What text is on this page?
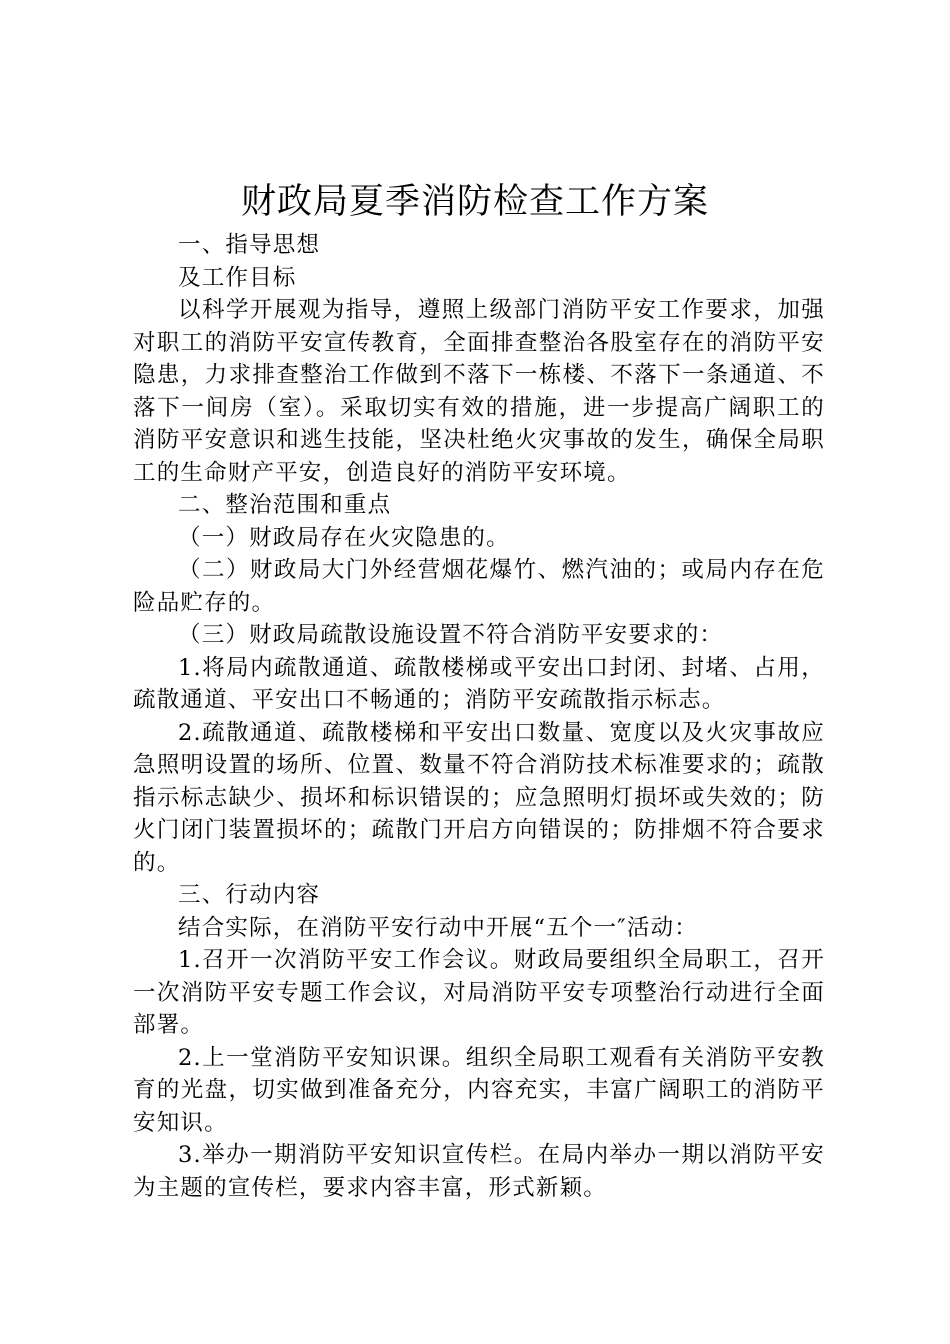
财政局夏季消防检查工作方案

一、指导思想

及工作目标

以科学开展观为指导，遵照上级部门消防平安工作要求，加强对职工的消防平安宣传教育，全面排查整治各股室存在的消防平安隐患，力求排查整治工作做到不落下一栋楼、不落下一条通道、不落下一间房（室）。采取切实有效的措施，进一步提高广阔职工的消防平安意识和逃生技能，坚决杜绝火灾事故的发生，确保全局职工的生命财产平安，创造良好的消防平安环境。

二、整治范围和重点

（一）财政局存在火灾隐患的。

（二）财政局大门外经营烟花爆竹、燃汽油的；或局内存在危险品贮存的。

（三）财政局疏散设施设置不符合消防平安要求的：

1.将局内疏散通道、疏散楼梯或平安出口封闭、封堵、占用，疏散通道、平安出口不畅通的；消防平安疏散指示标志。

2.疏散通道、疏散楼梯和平安出口数量、宽度以及火灾事故应急照明设置的场所、位置、数量不符合消防技术标准要求的；疏散指示标志缺少、损坏和标识错误的；应急照明灯损坏或失效的；防火门闭门装置损坏的；疏散门开启方向错误的；防排烟不符合要求的。

三、行动内容

结合实际，在消防平安行动中开展“五个一″活动：

1.召开一次消防平安工作会议。财政局要组织全局职工，召开一次消防平安专题工作会议，对局消防平安专项整治行动进行全面部署。

2.上一堂消防平安知识课。组织全局职工观看有关消防平安教育的光盘，切实做到准备充分，内容充实，丰富广阔职工的消防平安知识。

3.举办一期消防平安知识宣传栏。在局内举办一期以消防平安为主题的宣传栏，要求内容丰富，形式新颖。
